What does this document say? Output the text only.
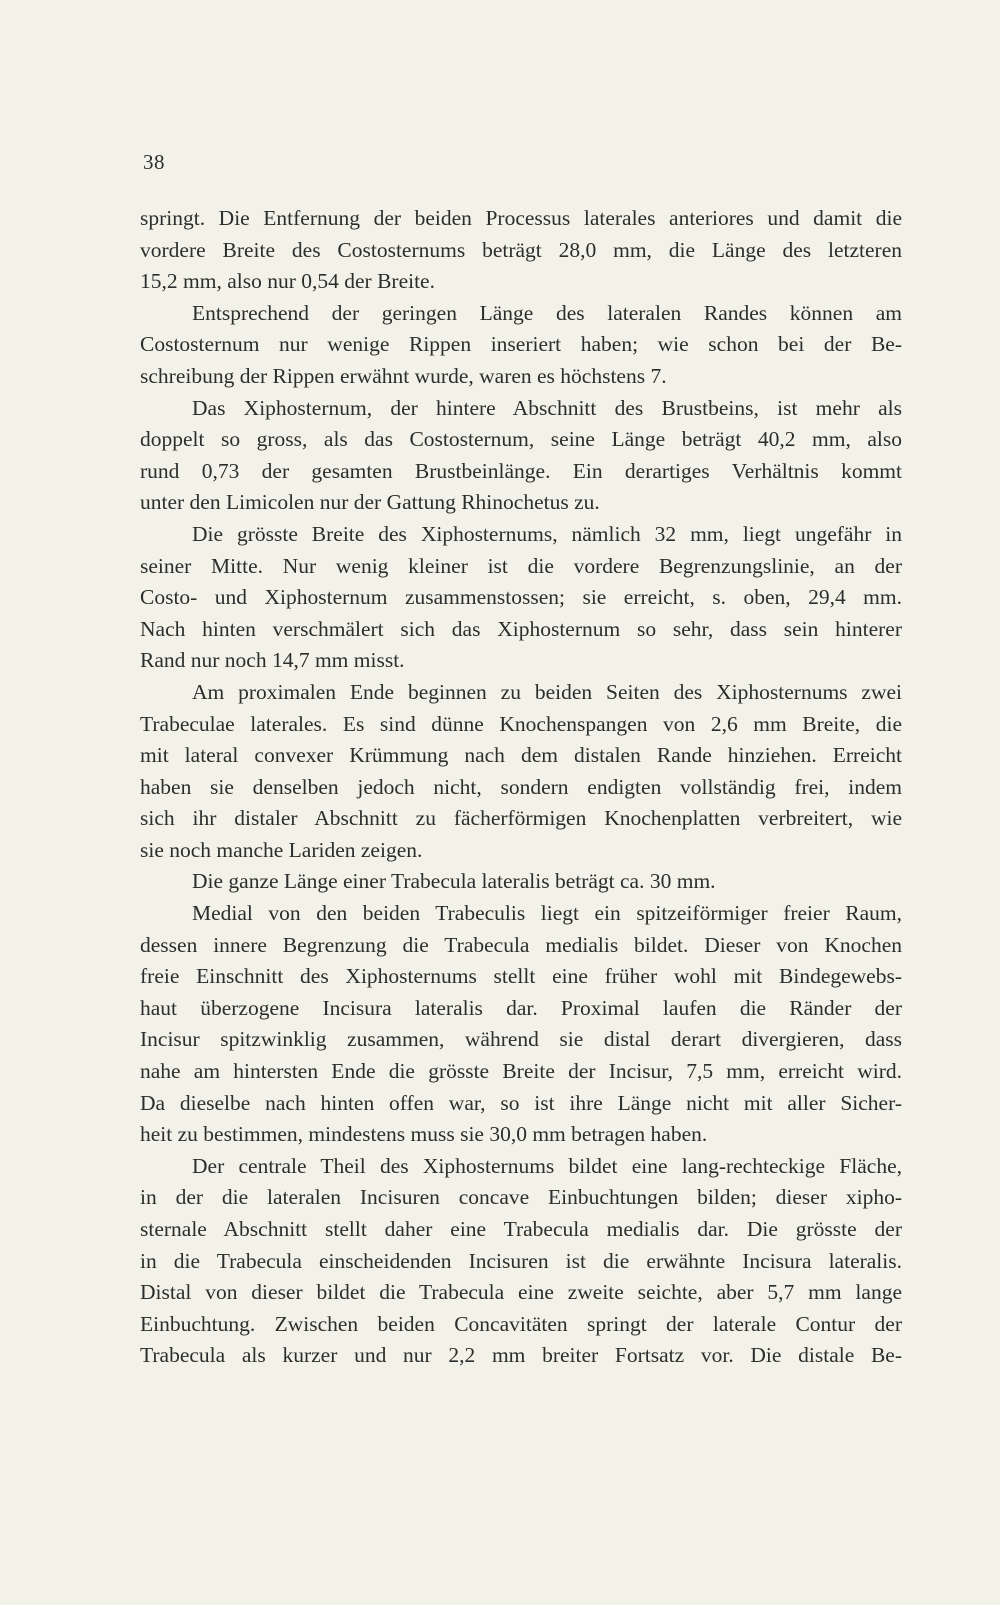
38
springt. Die Entfernung der beiden Processus laterales anteriores und damit die
vordere Breite des Costosternums beträgt 28,0 mm, die Länge des letzteren
15,2 mm, also nur 0,54 der Breite.
Entsprechend der geringen Länge des lateralen Randes können am
Costosternum nur wenige Rippen inseriert haben; wie schon bei der Be-
schreibung der Rippen erwähnt wurde, waren es höchstens 7.
Das Xiphosternum, der hintere Abschnitt des Brustbeins, ist mehr als
doppelt so gross, als das Costosternum, seine Länge beträgt 40,2 mm, also
rund 0,73 der gesamten Brustbeinlänge. Ein derartiges Verhältnis kommt
unter den Limicolen nur der Gattung Rhinochetus zu.
Die grösste Breite des Xiphosternums, nämlich 32 mm, liegt ungefähr in
seiner Mitte. Nur wenig kleiner ist die vordere Begrenzungslinie, an der
Costo- und Xiphosternum zusammenstossen; sie erreicht, s. oben, 29,4 mm.
Nach hinten verschmälert sich das Xiphosternum so sehr, dass sein hinterer
Rand nur noch 14,7 mm misst.
Am proximalen Ende beginnen zu beiden Seiten des Xiphosternums zwei
Trabeculae laterales. Es sind dünne Knochenspangen von 2,6 mm Breite, die
mit lateral convexer Krümmung nach dem distalen Rande hinziehen. Erreicht
haben sie denselben jedoch nicht, sondern endigten vollständig frei, indem
sich ihr distaler Abschnitt zu fächerförmigen Knochenplatten verbreitert, wie
sie noch manche Lariden zeigen.
Die ganze Länge einer Trabecula lateralis beträgt ca. 30 mm.
Medial von den beiden Trabeculis liegt ein spitzeiförmiger freier Raum,
dessen innere Begrenzung die Trabecula medialis bildet. Dieser von Knochen
freie Einschnitt des Xiphosternums stellt eine früher wohl mit Bindegewebs-
haut überzogene Incisura lateralis dar. Proximal laufen die Ränder der
Incisur spitzwinklig zusammen, während sie distal derart divergieren, dass
nahe am hintersten Ende die grösste Breite der Incisur, 7,5 mm, erreicht wird.
Da dieselbe nach hinten offen war, so ist ihre Länge nicht mit aller Sicher-
heit zu bestimmen, mindestens muss sie 30,0 mm betragen haben.
Der centrale Theil des Xiphosternums bildet eine lang-rechteckige Fläche,
in der die lateralen Incisuren concave Einbuchtungen bilden; dieser xipho-
sternale Abschnitt stellt daher eine Trabecula medialis dar. Die grösste der
in die Trabecula einscheidenden Incisuren ist die erwähnte Incisura lateralis.
Distal von dieser bildet die Trabecula eine zweite seichte, aber 5,7 mm lange
Einbuchtung. Zwischen beiden Concavitäten springt der laterale Contur der
Trabecula als kurzer und nur 2,2 mm breiter Fortsatz vor. Die distale Be-
